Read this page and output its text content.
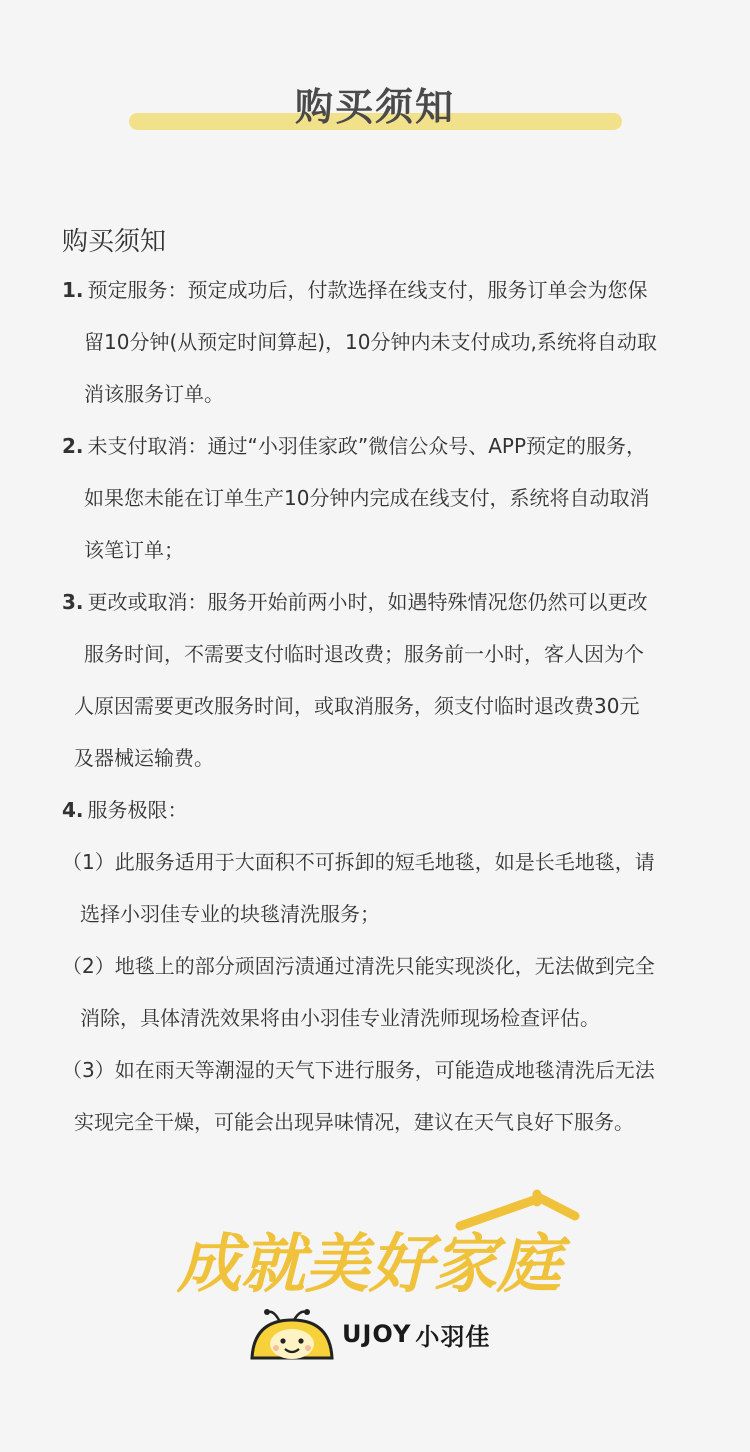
购买须知
购买须知

1. 预定服务：预定成功后，付款选择在线支付，服务订单会为您保

留10分钟(从预定时间算起)，10分钟内未支付成功,系统将自动取

消该服务订单。

2. 未支付取消：通过“小羽佳家政”微信公众号、APP预定的服务，

如果您未能在订单生产10分钟内完成在线支付，系统将自动取消

该笔订单；

3. 更改或取消：服务开始前两小时，如遇特殊情况您仍然可以更改

服务时间，不需要支付临时退改费；服务前一小时，客人因为个

人原因需要更改服务时间，或取消服务，须支付临时退改费30元

及器械运输费。

4. 服务极限：

（1）此服务适用于大面积不可拆卸的短毛地毯，如是长毛地毯，请

选择小羽佳专业的块毯清洗服务；

（2）地毯上的部分顽固污渍通过清洗只能实现淡化，无法做到完全

消除，具体清洗效果将由小羽佳专业清洗师现场检查评估。

（3）如在雨天等潮湿的天气下进行服务，可能造成地毯清洗后无法

实现完全干燥，可能会出现异味情况，建议在天气良好下服务。

成就美好家庭
UJOY 小羽佳
